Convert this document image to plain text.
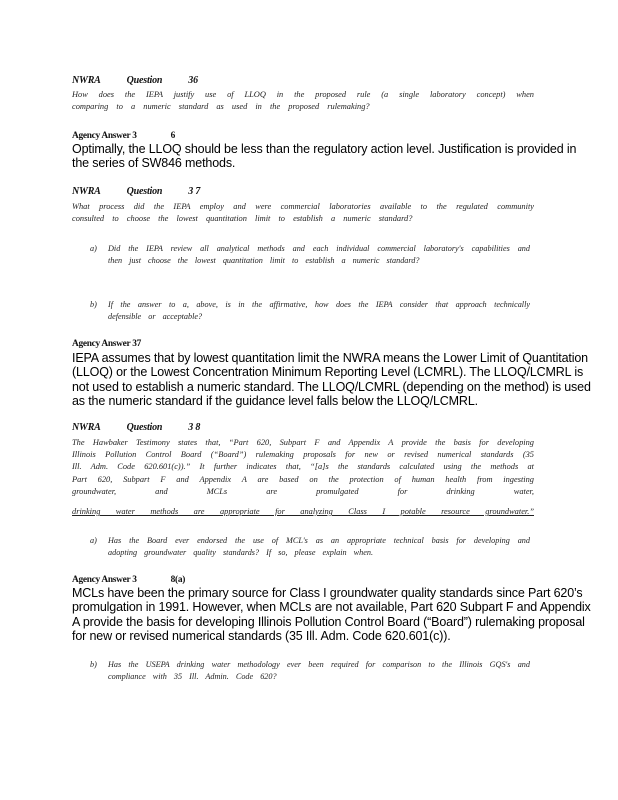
NWRA	Question	36
How does the IEPA justify use of LLOQ in the proposed rule (a single laboratory concept) when comparing to a numeric standard as used in the proposed rulemaking?
Agency Answer 3	6
Optimally, the LLOQ should be less than the regulatory action level. Justification is provided in the series of SW846 methods.
NWRA	Question	3 7
What process did the IEPA employ and were commercial laboratories available to the regulated community consulted to choose the lowest quantitation limit to establish a numeric standard?
a) Did the IEPA review all analytical methods and each individual commercial laboratory's capabilities and then just choose the lowest quantitation limit to establish a numeric standard?
b) If the answer to a, above, is in the affirmative, how does the IEPA consider that approach technically defensible or acceptable?
Agency Answer 37
IEPA assumes that by lowest quantitation limit the NWRA means the Lower Limit of Quantitation (LLOQ) or the Lowest Concentration Minimum Reporting Level (LCMRL). The LLOQ/LCMRL is not used to establish a numeric standard. The LLOQ/LCMRL (depending on the method) is used as the numeric standard if the guidance level falls below the LLOQ/LCMRL.
NWRA	Question	3 8
The Hawbaker Testimony states that, “Part 620, Subpart F and Appendix A provide the basis for developing Illinois Pollution Control Board (“Board”) rulemaking proposals for new or revised numerical standards (35 Ill. Adm. Code 620.601(c)).” It further indicates that, “[a]s the standards calculated using the methods at Part 620, Subpart F and Appendix A are based on the protection of human health from ingesting groundwater, and MCLs are promulgated for drinking water,
drinking water methods are appropriate for analyzing Class I potable resource groundwater.”
a) Has the Board ever endorsed the use of MCL's as an appropriate technical basis for developing and adopting groundwater quality standards? If so, please explain when.
Agency Answer 3	8(a)
MCLs have been the primary source for Class I groundwater quality standards since Part 620’s promulgation in 1991. However, when MCLs are not available, Part 620 Subpart F and Appendix A provide the basis for developing Illinois Pollution Control Board (“Board”) rulemaking proposal for new or revised numerical standards (35 Ill. Adm. Code 620.601(c)).
b) Has the USEPA drinking water methodology ever been required for comparison to the Illinois GQS's and compliance with 35 Ill. Admin. Code 620?
